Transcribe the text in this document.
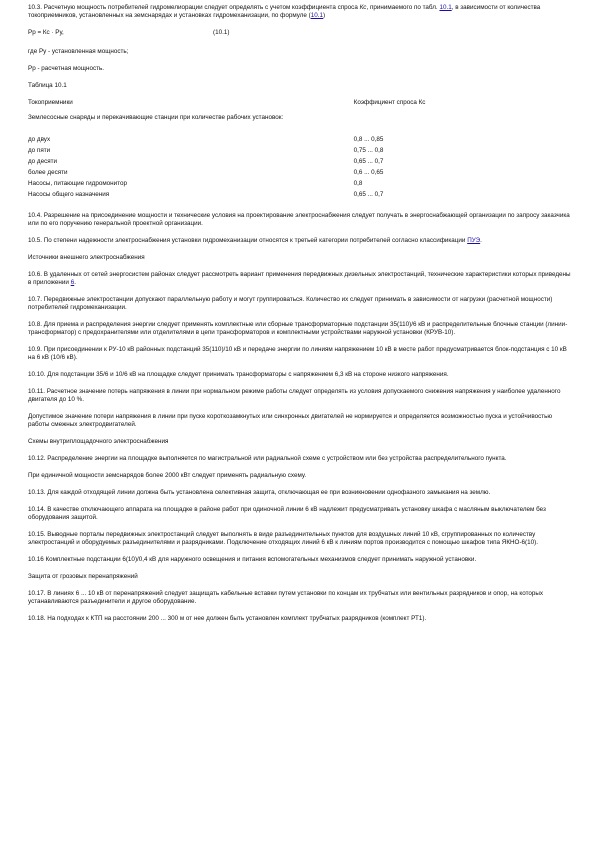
10.3. Расчетную мощность потребителей гидромелиорации следует определять с учетом коэффициента спроса Кс, принимаемого по табл. 10.1, в зависимости от количества токоприемников, установленных на земснарядах и установках гидромеханизации, по формуле (10.1)

Рр = Кс · Ру,	(10.1)

где Ру - установленная мощность;

Рр - расчетная мощность.

Таблица 10.1

Токоприемники	Коэффициент спроса Кс
Землесосные снаряды и перекачивающие станции при количестве рабочих установок:	
до двух	0,8 ... 0,85
до пяти	0,75 ... 0,8
до десяти	0,65 ... 0,7
более десяти	0,6 ... 0,65
Насосы, питающие гидромонитор	0,8
Насосы общего назначения	0,65 ... 0,7

10.4. Разрешение на присоединение мощности и технические условия на проектирование электроснабжения следует получать в энергоснабжающей организации по запросу заказчика или по его поручению генеральной проектной организации.

10.5. По степени надежности электроснабжения установки гидромеханизации относятся к третьей категории потребителей согласно классификации ПУЭ.

Источники внешнего электроснабжения

10.6. В удаленных от сетей энергосистем районах следует рассмотреть вариант применения передвижных дизельных электростанций, технические характеристики которых приведены в приложении 6.

10.7. Передвижные электростанции допускают параллельную работу и могут группироваться. Количество их следует принимать в зависимости от нагрузки (расчетной мощности) потребителей гидромеханизации.

10.8. Для приема и распределения энергии следует применять комплектные или сборные трансформаторные подстанции 35(110)/6 кВ и распределительные блочные станции (линии-трансформатор) с предохранителями или отделителями в цепи трансформаторов и комплектными устройствами наружной установки (КРУВ-10).

10.9. При присоединении к РУ-10 кВ районных подстанций 35(110)/10 кВ и передаче энергии по линиям напряжением 10 кВ в месте работ предусматривается блок-подстанция с 10 кВ на 6 кВ (10/6 кВ).

10.10. Для подстанции 35/6 и 10/6 кВ на площадке следует принимать трансформаторы с напряжением 6,3 кВ на стороне низкого напряжения.

10.11. Расчетное значение потерь напряжения в линии при нормальном режиме работы следует определять из условия допускаемого снижения напряжения у наиболее удаленного двигателя до 10 %.

Допустимое значение потери напряжения в линии при пуске короткозамкнутых или синхронных двигателей не нормируется и определяется возможностью пуска и устойчивостью работы смежных электродвигателей.

Схемы внутриплощадочного электроснабжения

10.12. Распределение энергии на площадке выполняется по магистральной или радиальной схеме с устройством или без устройства распределительного пункта.

При единичной мощности земснарядов более 2000 кВт следует применять радиальную схему.

10.13. Для каждой отходящей линии должна быть установлена селективная защита, отключающая ее при возникновении однофазного замыкания на землю.

10.14. В качестве отключающего аппарата на площадке в районе работ при одиночной линии 6 кВ надлежит предусматривать установку шкафа с масляным выключателем без оборудования защитой.

10.15. Выводные порталы передвижных электростанций следует выполнять в виде разъединительных пунктов для воздушных линий 10 кВ, сгруппированных по количеству электростанций и оборудуемых разъединителями и разрядниками. Подключение отходящих линий 6 кВ к линиям портов производится с помощью шкафов типа ЯКНО-6(10).

10.16 Комплектные подстанции 6(10)/0,4 кВ для наружного освещения и питания вспомогательных механизмов следует принимать наружной установки.

Защита от грозовых перенапряжений

10.17. В линиях 6 ... 10 кВ от перенапряжений следует защищать кабельные вставки путем установки по концам их трубчатых или вентильных разрядников и опор, на которых устанавливаются разъединители и другое оборудование.

10.18. На подходах к КТП на расстоянии 200 ... 300 м от нее должен быть установлен комплект трубчатых разрядников (комплект РТ1).
